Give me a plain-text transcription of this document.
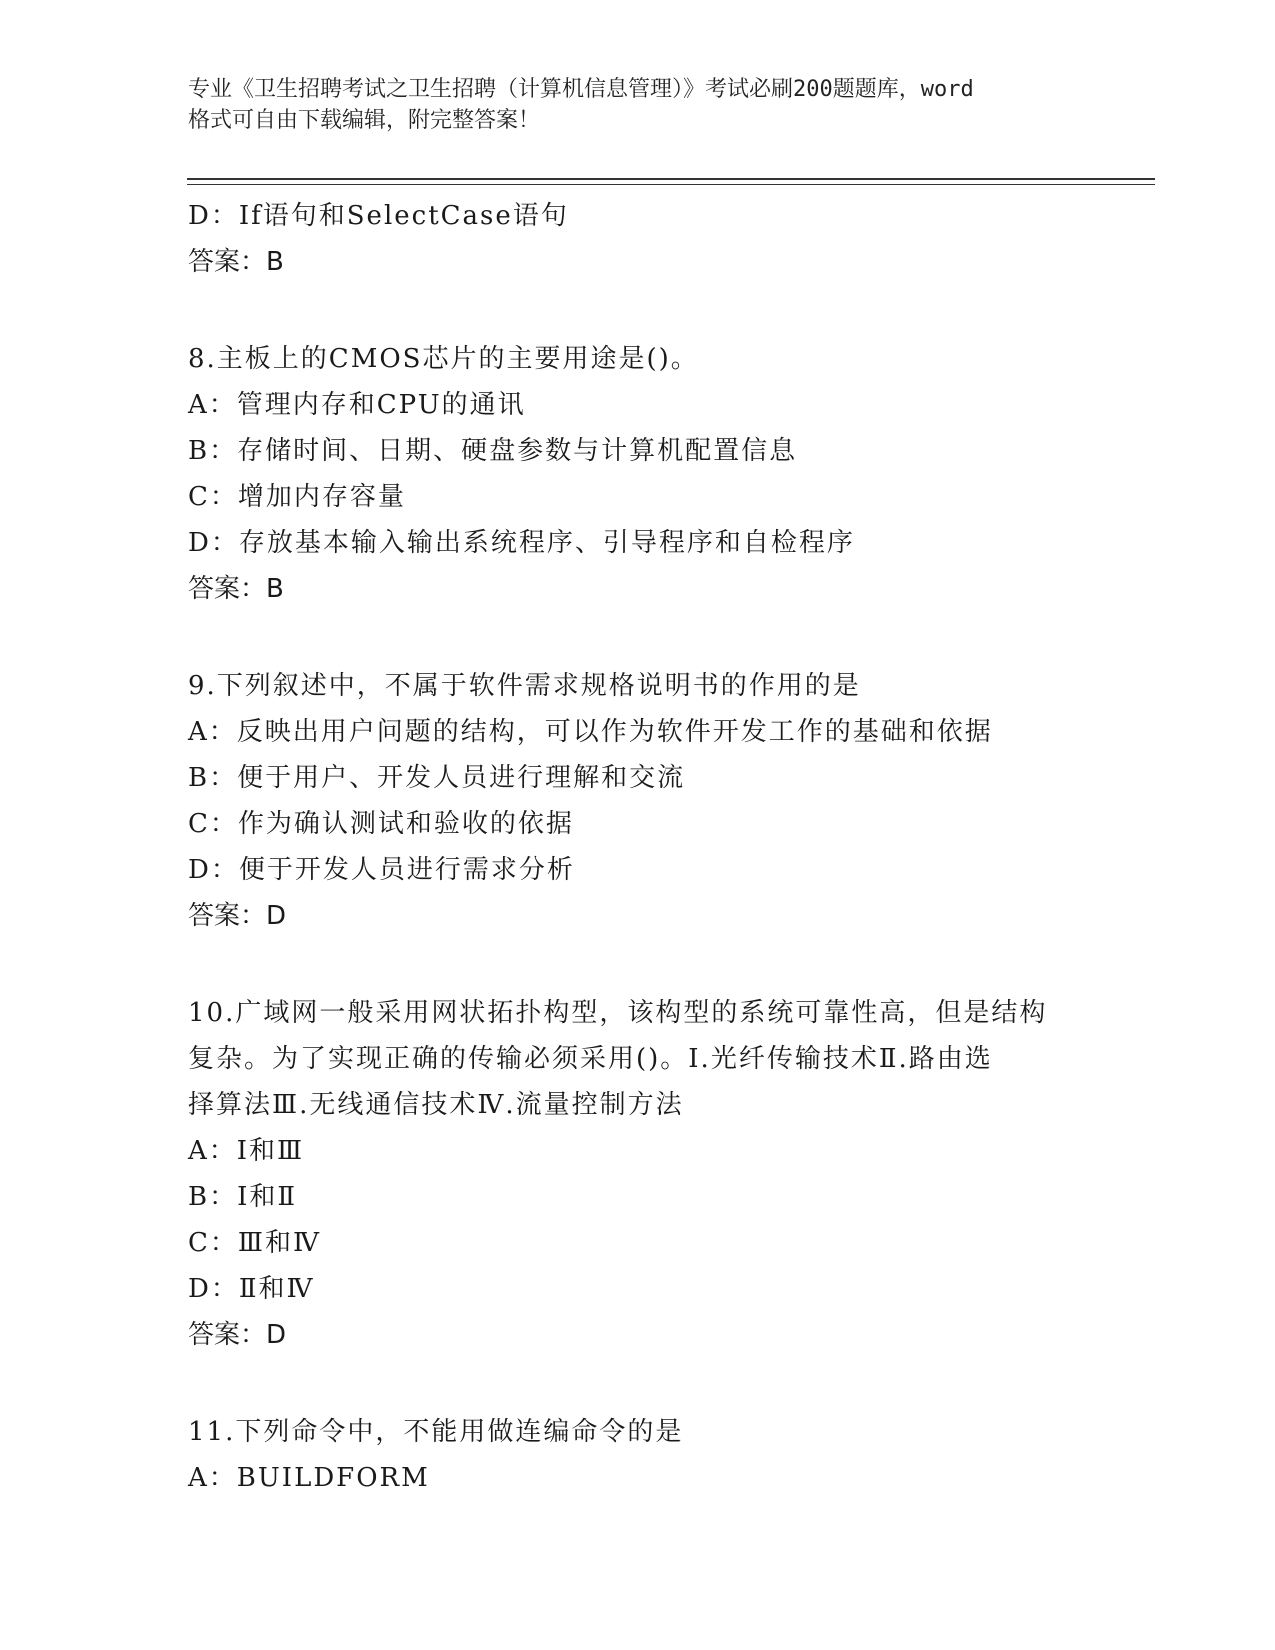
专业《卫生招聘考试之卫生招聘（计算机信息管理）》考试必刷200题题库，word
格式可自由下载编辑，附完整答案！
D：If语句和SelectCase语句
答案：B
8.主板上的CMOS芯片的主要用途是()。
A：管理内存和CPU的通讯
B：存储时间、日期、硬盘参数与计算机配置信息
C：增加内存容量
D：存放基本输入输出系统程序、引导程序和自检程序
答案：B
9.下列叙述中，不属于软件需求规格说明书的作用的是
A：反映出用户问题的结构，可以作为软件开发工作的基础和依据
B：便于用户、开发人员进行理解和交流
C：作为确认测试和验收的依据
D：便于开发人员进行需求分析
答案：D
10.广域网一般采用网状拓扑构型，该构型的系统可靠性高，但是结构
复杂。为了实现正确的传输必须采用()。Ⅰ.光纤传输技术Ⅱ.路由选
择算法Ⅲ.无线通信技术Ⅳ.流量控制方法
A：Ⅰ和Ⅲ
B：Ⅰ和Ⅱ
C：Ⅲ和Ⅳ
D：Ⅱ和Ⅳ
答案：D
11.下列命令中，不能用做连编命令的是
A：BUILDFORM
